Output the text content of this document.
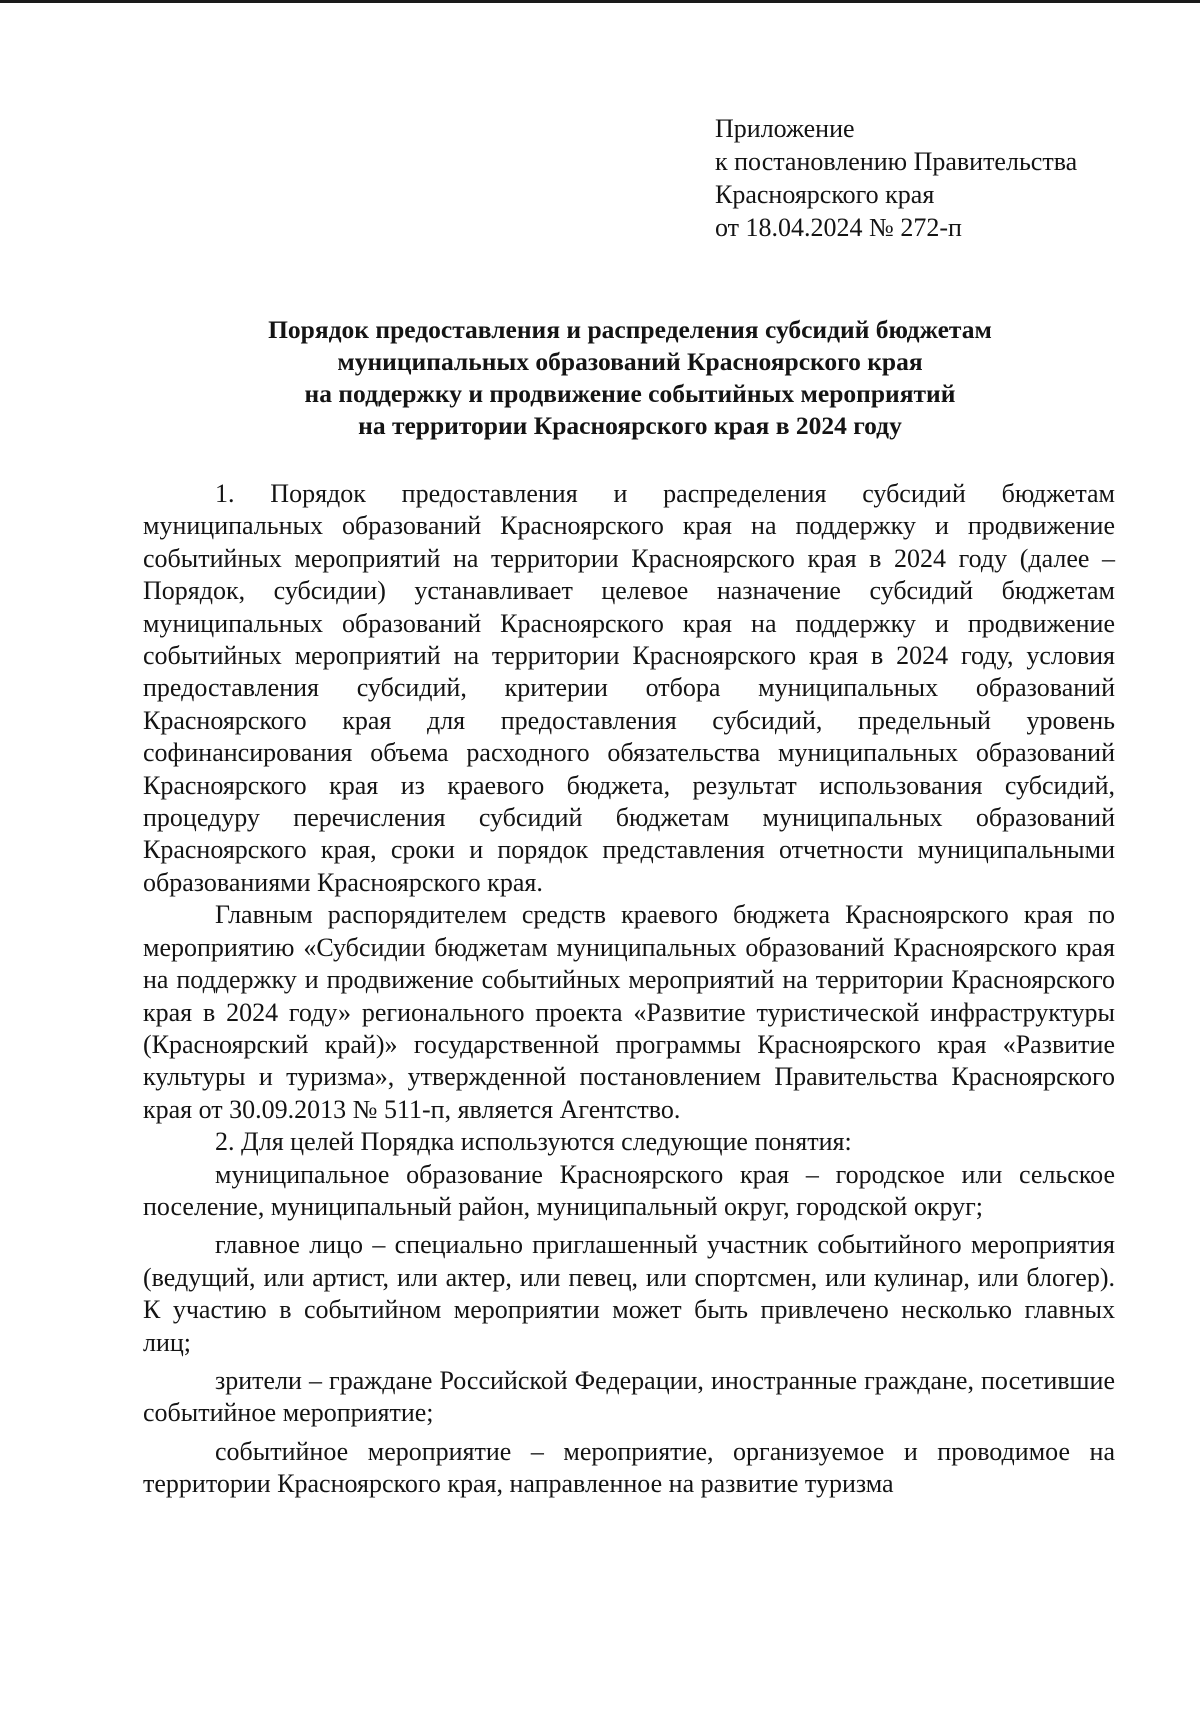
Приложение
к постановлению Правительства
Красноярского края
от 18.04.2024 № 272-п
Порядок предоставления и распределения субсидий бюджетам
муниципальных образований Красноярского края
на поддержку и продвижение событийных мероприятий
на территории Красноярского края в 2024 году

1. Порядок предоставления и распределения субсидий бюджетам муниципальных образований Красноярского края на поддержку и продвижение событийных мероприятий на территории Красноярского края в 2024 году (далее – Порядок, субсидии) устанавливает целевое назначение субсидий бюджетам муниципальных образований Красноярского края на поддержку и продвижение событийных мероприятий на территории Красноярского края в 2024 году, условия предоставления субсидий, критерии отбора муниципальных образований Красноярского края для предоставления субсидий, предельный уровень софинансирования объема расходного обязательства муниципальных образований Красноярского края из краевого бюджета, результат использования субсидий, процедуру перечисления субсидий бюджетам муниципальных образований Красноярского края, сроки и порядок представления отчетности муниципальными образованиями Красноярского края.

Главным распорядителем средств краевого бюджета Красноярского края по мероприятию «Субсидии бюджетам муниципальных образований Красноярского края на поддержку и продвижение событийных мероприятий на территории Красноярского края в 2024 году» регионального проекта «Развитие туристической инфраструктуры (Красноярский край)» государственной программы Красноярского края «Развитие культуры и туризма», утвержденной постановлением Правительства Красноярского края от 30.09.2013 № 511-п, является Агентство.

2. Для целей Порядка используются следующие понятия:

муниципальное образование Красноярского края – городское или сельское поселение, муниципальный район, муниципальный округ, городской округ;

главное лицо – специально приглашенный участник событийного мероприятия (ведущий, или артист, или актер, или певец, или спортсмен, или кулинар, или блогер). К участию в событийном мероприятии может быть привлечено несколько главных лиц;

зрители – граждане Российской Федерации, иностранные граждане, посетившие событийное мероприятие;

событийное мероприятие – мероприятие, организуемое и проводимое на территории Красноярского края, направленное на развитие туризма
